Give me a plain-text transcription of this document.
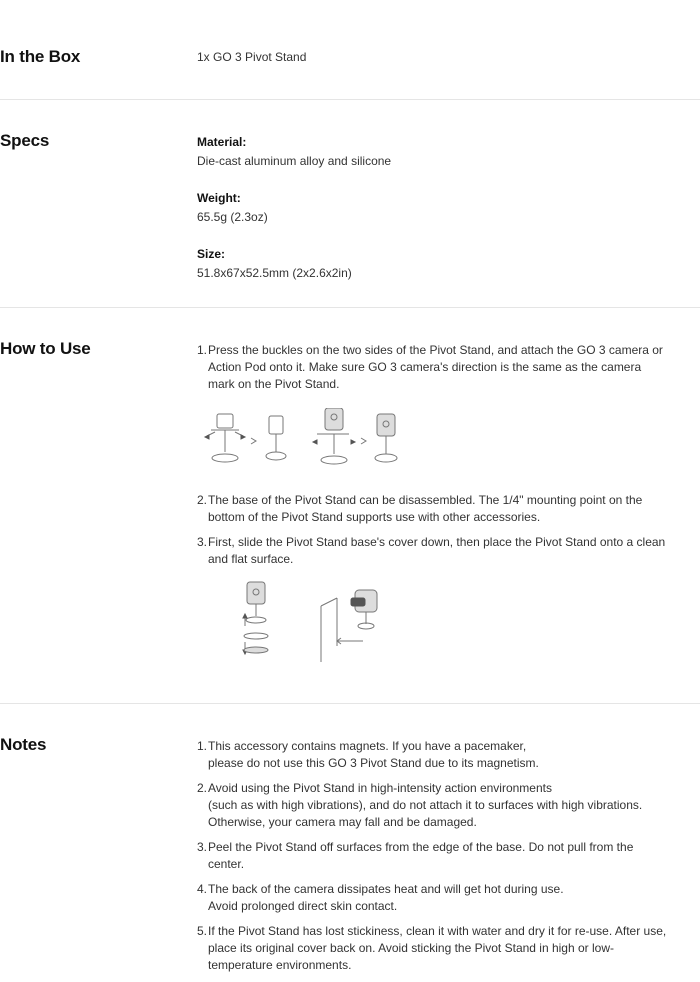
In the Box	1x GO 3 Pivot Stand
Specs	Material:
Die-cast aluminum alloy and silicone
Weight:
65.5g (2.3oz)
Size:
51.8x67x52.5mm (2x2.6x2in)
How to Use	1. Press the buckles on the two sides of the Pivot Stand, and attach the GO 3 camera or Action Pod onto it. Make sure GO 3 camera's direction is the same as the camera mark on the Pivot Stand.
2. The base of the Pivot Stand can be disassembled. The 1/4" mounting point on the bottom of the Pivot Stand supports use with other accessories.
3. First, slide the Pivot Stand base's cover down, then place the Pivot Stand onto a clean and flat surface.
Notes	1. This accessory contains magnets. If you have a pacemaker,
please do not use this GO 3 Pivot Stand due to its magnetism.
2. Avoid using the Pivot Stand in high-intensity action environments
(such as with high vibrations), and do not attach it to surfaces with high vibrations.
Otherwise, your camera may fall and be damaged.
3. Peel the Pivot Stand off surfaces from the edge of the base. Do not pull from the center.
4. The back of the camera dissipates heat and will get hot during use.
Avoid prolonged direct skin contact.
5. If the Pivot Stand has lost stickiness, clean it with water and dry it for re-use. After use, place its original cover back on. Avoid sticking the Pivot Stand in high or low-temperature environments.
